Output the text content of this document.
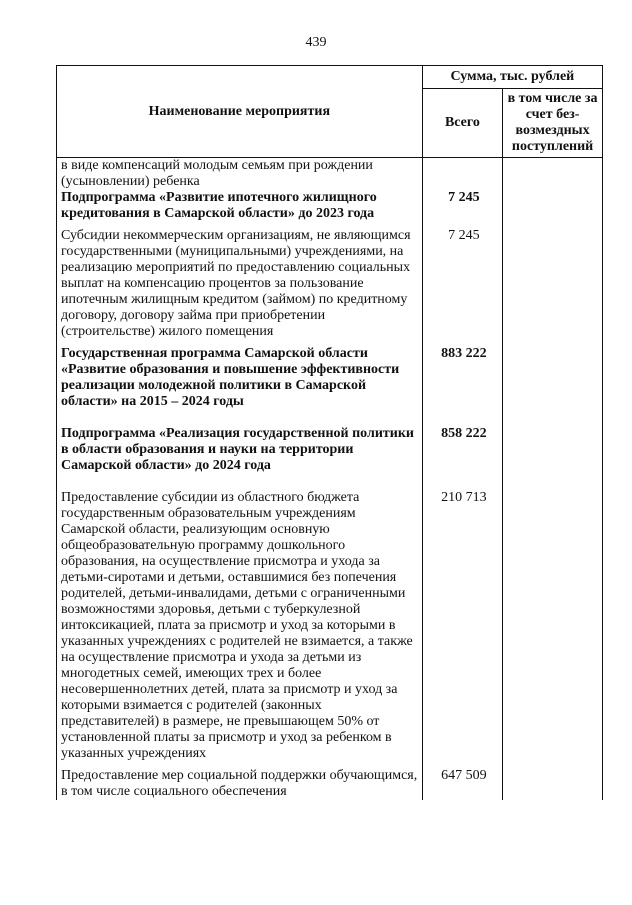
439
Наименование мероприятия	Сумма, тыс. рублей	
	Всего	в том числе за счет без-возмездных поступлений
в виде компенсаций молодым семьям при рождении (усыновлении) ребенка		
Подпрограмма «Развитие ипотечного жилищного кредитования в Самарской области» до 2023 года	7 245	
Субсидии некоммерческим организациям, не являющимся государственными (муниципальными) учреждениями, на реализацию мероприятий по предоставлению социальных выплат на компенсацию процентов за пользование ипотечным жилищным кредитом (займом) по кредитному договору, договору займа при приобретении (строительстве) жилого помещения	7 245	
Государственная программа Самарской области «Развитие образования и повышение эффективности реализации молодежной политики в Самарской области» на 2015 – 2024 годы	883 222	
Подпрограмма «Реализация государственной политики в области образования и науки на территории Самарской области» до 2024 года	858 222	
Предоставление субсидии из областного бюджета государственным образовательным учреждениям Самарской области, реализующим основную общеобразовательную программу дошкольного образования, на осуществление присмотра и ухода за детьми-сиротами и детьми, оставшимися без попечения родителей, детьми-инвалидами, детьми с ограниченными возможностями здоровья, детьми с туберкулезной интоксикацией, плата за присмотр и уход за которыми в указанных учреждениях с родителей не взимается, а также на осуществление присмотра и ухода за детьми из многодетных семей, имеющих трех и более несовершеннолетних детей, плата за присмотр и уход за которыми взимается с родителей (законных представителей) в размере, не превышающем 50% от установленной платы за присмотр и уход за ребенком в указанных учреждениях	210 713	
Предоставление мер социальной поддержки обучающимся, в том числе социального обеспечения	647 509	
